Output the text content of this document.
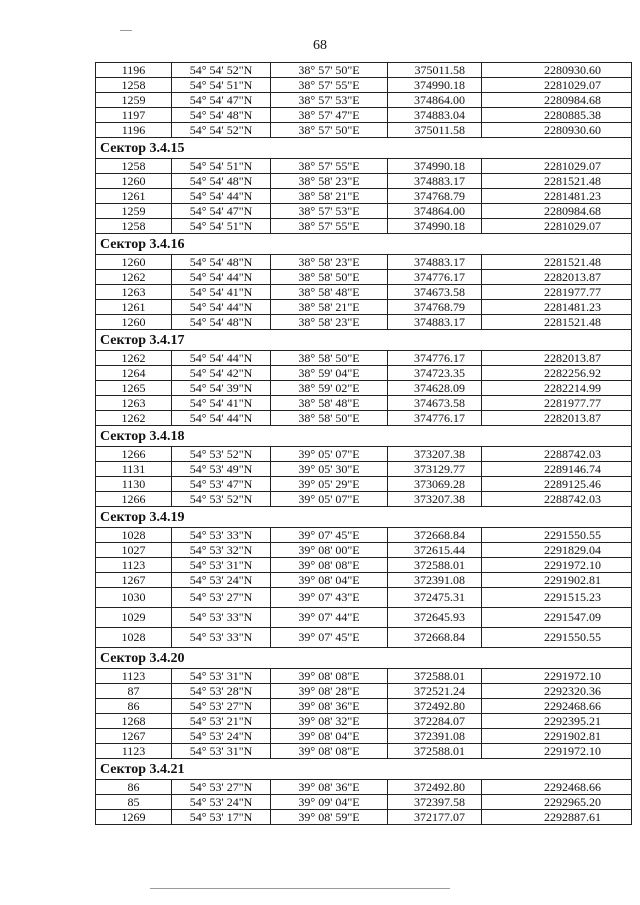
68
1196	54° 54' 52"N	38° 57' 50"E	375011.58	2280930.60
1258	54° 54' 51"N	38° 57' 55"E	374990.18	2281029.07
1259	54° 54' 47"N	38° 57' 53"E	374864.00	2280984.68
1197	54° 54' 48"N	38° 57' 47"E	374883.04	2280885.38
1196	54° 54' 52"N	38° 57' 50"E	375011.58	2280930.60
Сектор 3.4.15				
1258	54° 54' 51"N	38° 57' 55"E	374990.18	2281029.07
1260	54° 54' 48"N	38° 58' 23"E	374883.17	2281521.48
1261	54° 54' 44"N	38° 58' 21"E	374768.79	2281481.23
1259	54° 54' 47"N	38° 57' 53"E	374864.00	2280984.68
1258	54° 54' 51"N	38° 57' 55"E	374990.18	2281029.07
Сектор 3.4.16				
1260	54° 54' 48"N	38° 58' 23"E	374883.17	2281521.48
1262	54° 54' 44"N	38° 58' 50"E	374776.17	2282013.87
1263	54° 54' 41"N	38° 58' 48"E	374673.58	2281977.77
1261	54° 54' 44"N	38° 58' 21"E	374768.79	2281481.23
1260	54° 54' 48"N	38° 58' 23"E	374883.17	2281521.48
Сектор 3.4.17				
1262	54° 54' 44"N	38° 58' 50"E	374776.17	2282013.87
1264	54° 54' 42"N	38° 59' 04"E	374723.35	2282256.92
1265	54° 54' 39"N	38° 59' 02"E	374628.09	2282214.99
1263	54° 54' 41"N	38° 58' 48"E	374673.58	2281977.77
1262	54° 54' 44"N	38° 58' 50"E	374776.17	2282013.87
Сектор 3.4.18				
1266	54° 53' 52"N	39° 05' 07"E	373207.38	2288742.03
1131	54° 53' 49"N	39° 05' 30"E	373129.77	2289146.74
1130	54° 53' 47"N	39° 05' 29"E	373069.28	2289125.46
1266	54° 53' 52"N	39° 05' 07"E	373207.38	2288742.03
Сектор 3.4.19				
1028	54° 53' 33"N	39° 07' 45"E	372668.84	2291550.55
1027	54° 53' 32"N	39° 08' 00"E	372615.44	2291829.04
1123	54° 53' 31"N	39° 08' 08"E	372588.01	2291972.10
1267	54° 53' 24"N	39° 08' 04"E	372391.08	2291902.81
1030	54° 53' 27"N	39° 07' 43"E	372475.31	2291515.23
1029	54° 53' 33"N	39° 07' 44"E	372645.93	2291547.09
1028	54° 53' 33"N	39° 07' 45"E	372668.84	2291550.55
Сектор 3.4.20				
1123	54° 53' 31"N	39° 08' 08"E	372588.01	2291972.10
87	54° 53' 28"N	39° 08' 28"E	372521.24	2292320.36
86	54° 53' 27"N	39° 08' 36"E	372492.80	2292468.66
1268	54° 53' 21"N	39° 08' 32"E	372284.07	2292395.21
1267	54° 53' 24"N	39° 08' 04"E	372391.08	2291902.81
1123	54° 53' 31"N	39° 08' 08"E	372588.01	2291972.10
Сектор 3.4.21				
86	54° 53' 27"N	39° 08' 36"E	372492.80	2292468.66
85	54° 53' 24"N	39° 09' 04"E	372397.58	2292965.20
1269	54° 53' 17"N	39° 08' 59"E	372177.07	2292887.61
